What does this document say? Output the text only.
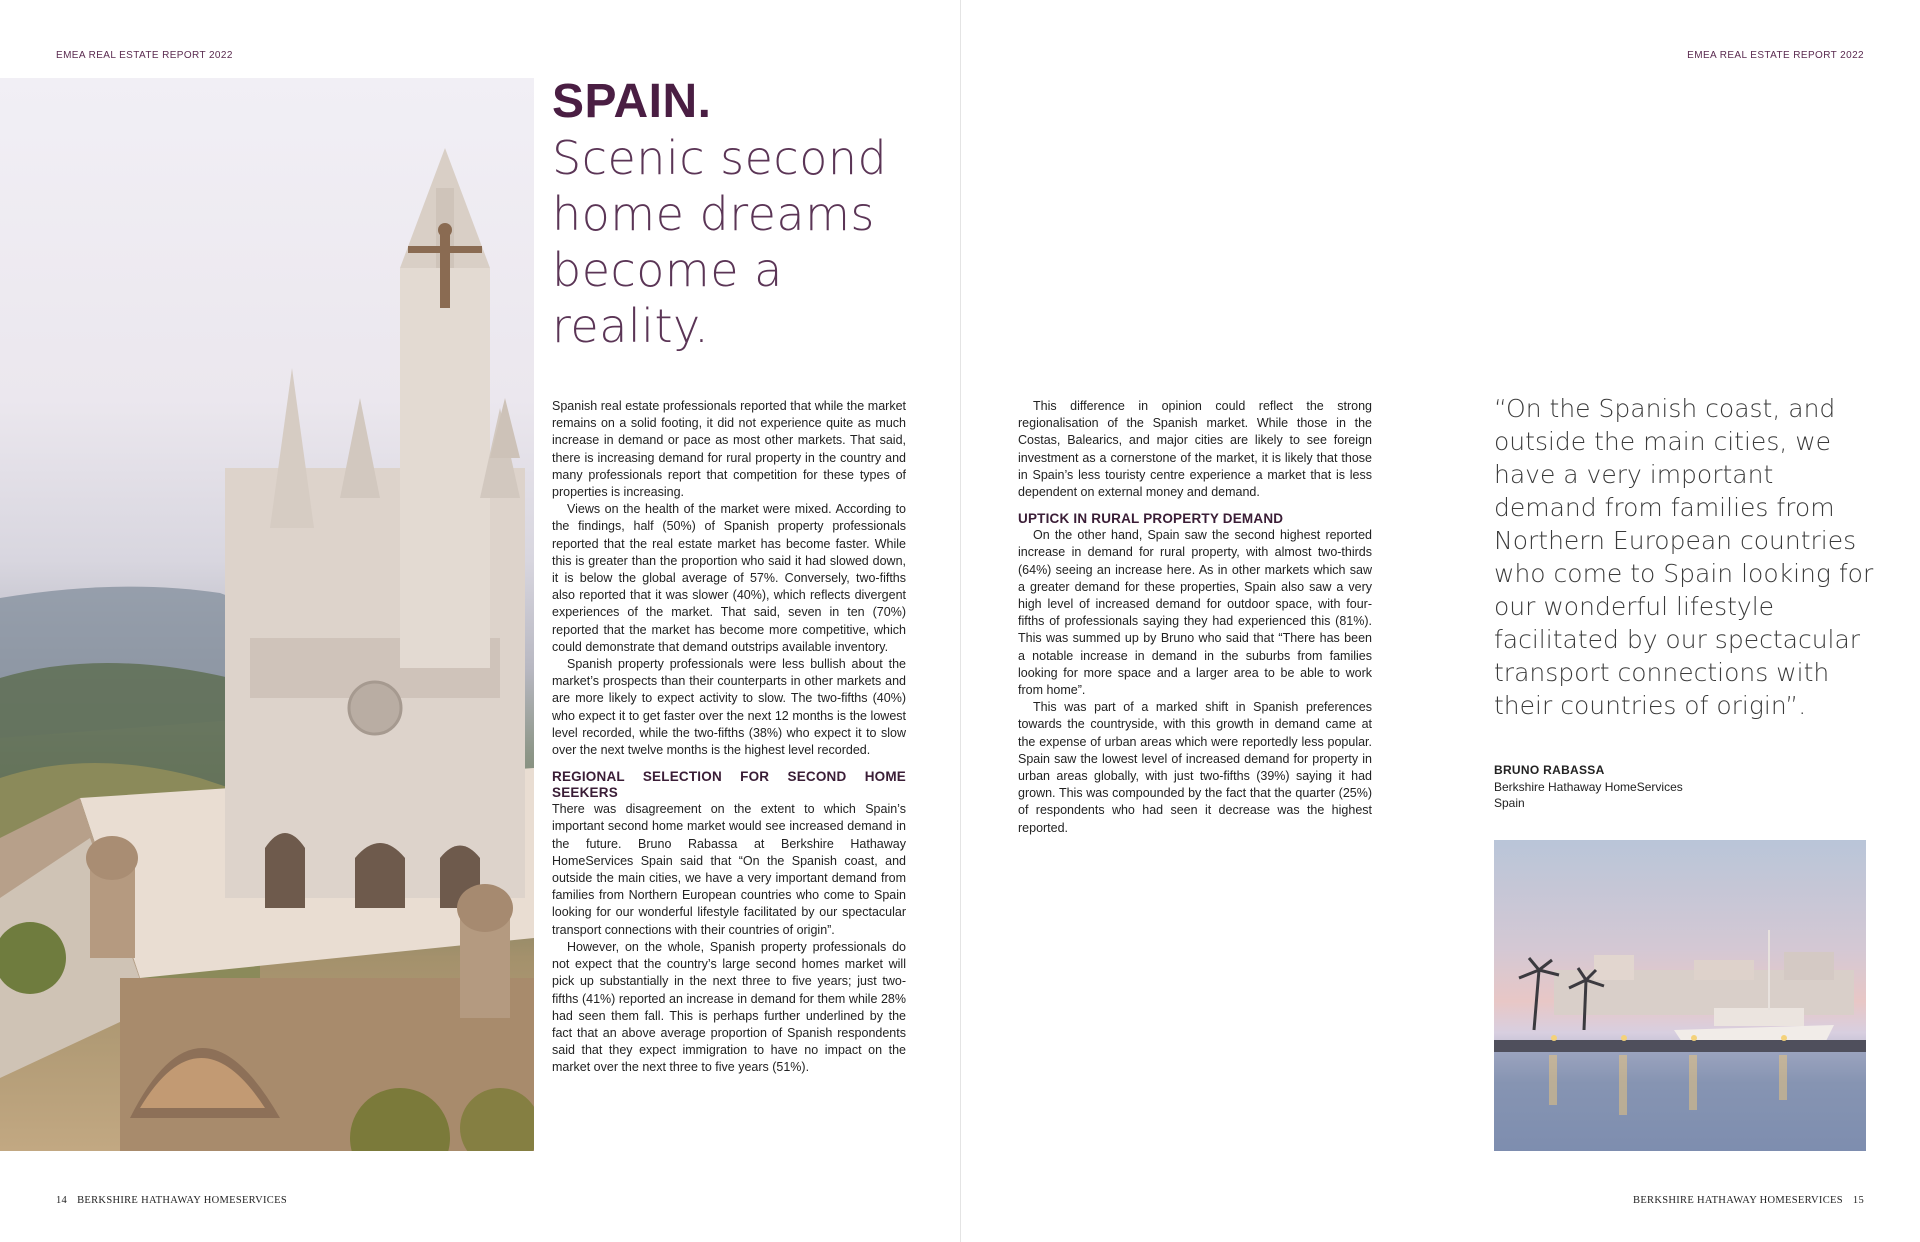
EMEA REAL ESTATE REPORT 2022	EMEA REAL ESTATE REPORT 2022
SPAIN.
Scenic second
home dreams
become a
reality.

Spanish real estate professionals reported that while the market remains on a solid footing, it did not experience quite as much increase in demand or pace as most other markets. That said, there is increasing demand for rural property in the country and many professionals report that competition for these types of properties is increasing.

Views on the health of the market were mixed. According to the findings, half (50%) of Spanish property professionals reported that the real estate market has become faster. While this is greater than the proportion who said it had slowed down, it is below the global average of 57%. Conversely, two-fifths also reported that it was slower (40%), which reflects divergent experiences of the market. That said, seven in ten (70%) reported that the market has become more competitive, which could demonstrate that demand outstrips available inventory.

Spanish property professionals were less bullish about the market’s prospects than their counterparts in other markets and are more likely to expect activity to slow. The two-fifths (40%) who expect it to get faster over the next 12 months is the lowest level recorded, while the two-fifths (38%) who expect it to slow over the next twelve months is the highest level recorded.

REGIONAL SELECTION FOR SECOND HOME SEEKERS

There was disagreement on the extent to which Spain’s important second home market would see increased demand in the future. Bruno Rabassa at Berkshire Hathaway HomeServices Spain said that “On the Spanish coast, and outside the main cities, we have a very important demand from families from Northern European countries who come to Spain looking for our wonderful lifestyle facilitated by our spectacular transport connections with their countries of origin”.

However, on the whole, Spanish property professionals do not expect that the country’s large second homes market will pick up substantially in the next three to five years; just two-fifths (41%) reported an increase in demand for them while 28% had seen them fall. This is perhaps further underlined by the fact that an above average proportion of Spanish respondents said that they expect immigration to have no impact on the market over the next three to five years (51%).

This difference in opinion could reflect the strong regionalisation of the Spanish market. While those in the Costas, Balearics, and major cities are likely to see foreign investment as a cornerstone of the market, it is likely that those in Spain’s less touristy centre experience a market that is less dependent on external money and demand.

UPTICK IN RURAL PROPERTY DEMAND

On the other hand, Spain saw the second highest reported increase in demand for rural property, with almost two-thirds (64%) seeing an increase here. As in other markets which saw a greater demand for these properties, Spain also saw a very high level of increased demand for outdoor space, with four-fifths of professionals saying they had experienced this (81%). This was summed up by Bruno who said that “There has been a notable increase in demand in the suburbs from families looking for more space and a larger area to be able to work from home”.

This was part of a marked shift in Spanish preferences towards the countryside, with this growth in demand came at the expense of urban areas which were reportedly less popular. Spain saw the lowest level of increased demand for property in urban areas globally, with just two-fifths (39%) saying it had grown. This was compounded by the fact that the quarter (25%) of respondents who had seen it decrease was the highest reported.

“On the Spanish coast, and outside the main cities, we have a very important demand from families from Northern European countries who come to Spain looking for our wonderful lifestyle facilitated by our spectacular transport connections with their countries of origin”.
BRUNO RABASSA
Berkshire Hathaway HomeServices
Spain
14 BERKSHIRE HATHAWAY HOMESERVICES	BERKSHIRE HATHAWAY HOMESERVICES 15
